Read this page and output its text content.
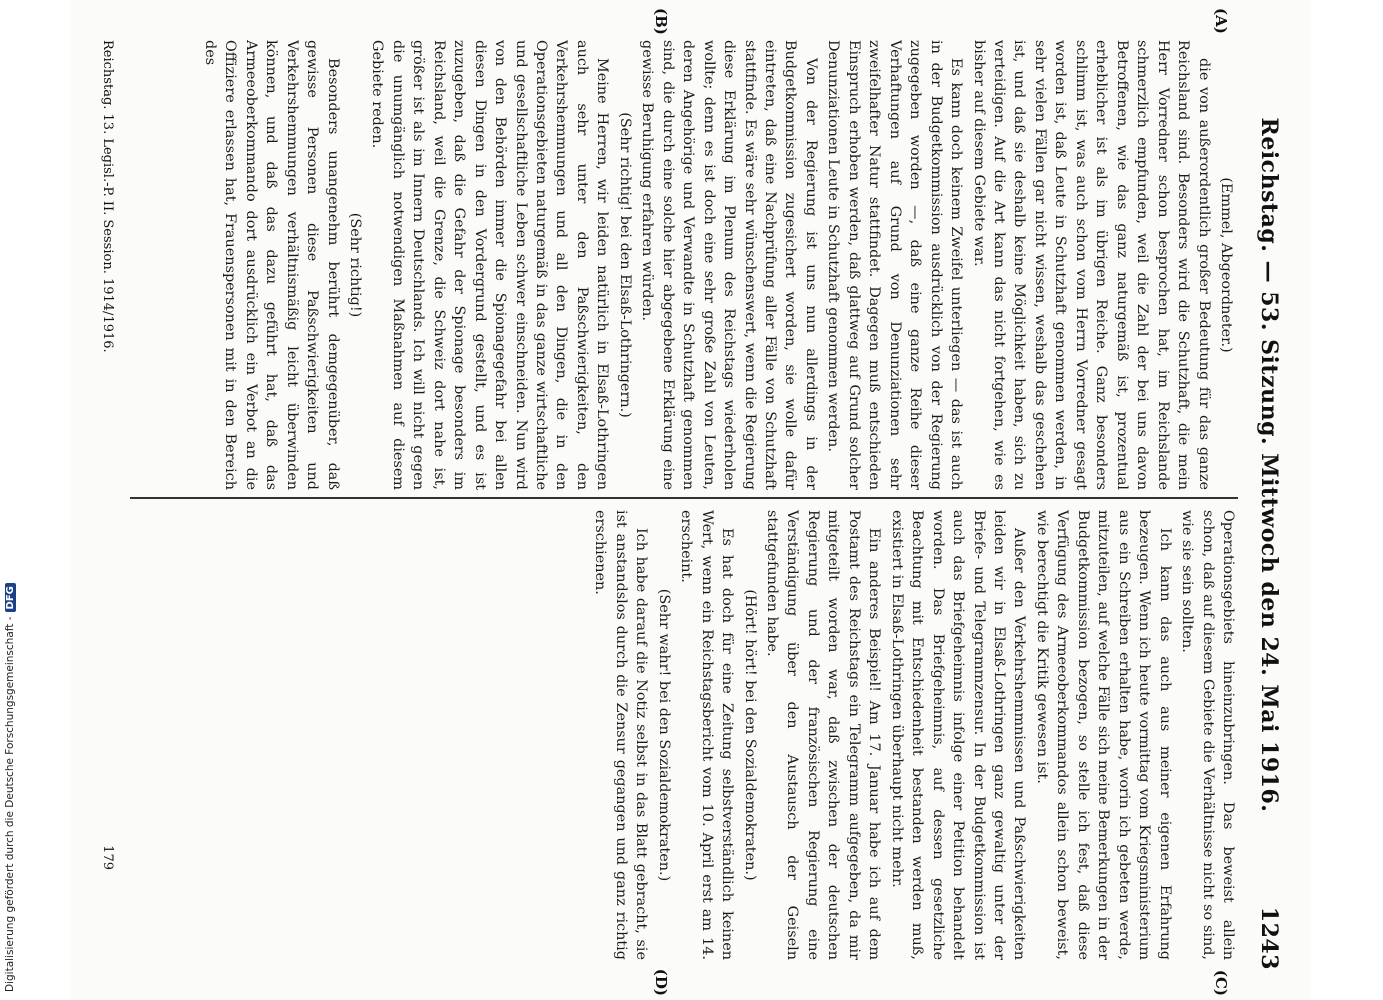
Digitalisierung gefördert durch die Deutsche Forschungsgemeinschaft -
DFG	Reichstag. — 53. Sitzung. Mittwoch den 24. Mai 1916.
1243
(A)
(B)
(C)
(D)

(Emmel, Abgeordneter.)

die von außerordentlich großer Bedeutung für das ganze Reichsland sind. Besonders wird die Schutzhaft, die mein Herr Vorredner schon besprochen hat, im Reichslande schmerzlich empfunden, weil die Zahl der bei uns davon Betroffenen, wie das ganz naturgemäß ist, prozentual erheblicher ist als im übrigen Reiche. Ganz besonders schlimm ist, was auch schon vom Herrn Vorredner gesagt worden ist, daß Leute in Schutzhaft genommen werden, in sehr vielen Fällen gar nicht wissen, weshalb das geschehen ist, und daß sie deshalb keine Möglichkeit haben, sich zu verteidigen. Auf die Art kann das nicht fortgehen, wie es bisher auf diesem Gebiete war.

Es kann doch keinem Zweifel unterliegen — das ist auch in der Budgetkommission ausdrücklich von der Regierung zugegeben worden —, daß eine ganze Reihe dieser Verhaftungen auf Grund von Denunziationen sehr zweifelhafter Natur stattfindet. Dagegen muß entschieden Einspruch erhoben werden, daß glattweg auf Grund solcher Denunziationen Leute in Schutzhaft genommen werden.

Von der Regierung ist uns nun allerdings in der Budgetkommission zugesichert worden, sie wolle dafür eintreten, daß eine Nachprüfung aller Fälle von Schutzhaft stattfinde. Es wäre sehr wünschenswert, wenn die Regierung diese Erklärung im Plenum des Reichstags wiederholen wollte; denn es ist doch eine sehr große Zahl von Leuten, deren Angehörige und Verwandte in Schutzhaft genommen sind, die durch eine solche hier abgegebene Erklärung eine gewisse Beruhigung erfahren würden.

(Sehr richtig! bei den Elsaß-Lothringern.)

Meine Herren, wir leiden natürlich in Elsaß-Lothringen auch sehr unter den Paßschwierigkeiten, den Verkehrshemmungen und all den Dingen, die in den Operationsgebieten naturgemäß in das ganze wirtschaftliche und gesellschaftliche Leben schwer einschneiden. Nun wird von den Behörden immer die Spionagegefahr bei allen diesen Dingen in den Vordergrund gestellt, und es ist zuzugeben, daß die Gefahr der Spionage besonders im Reichsland, weil die Grenze, die Schweiz dort nahe ist, größer ist als im Innern Deutschlands. Ich will nicht gegen die unumgänglich notwendigen Maßnahmen auf diesem Gebiete reden.

(Sehr richtig!)

Besonders unangenehm berührt demgegenüber, daß gewisse Personen diese Paßschwierigkeiten und Verkehrshemmungen verhältnismäßig leicht überwinden können, und daß das dazu geführt hat, daß das Armeeoberkommando dort ausdrücklich ein Verbot an die Offiziere erlassen hat, Frauenspersonen mit in den Bereich des

Operationsgebiets hineinzubringen. Das beweist allein schon, daß auf diesem Gebiete die Verhältnisse nicht so sind, wie sie sein sollten.

Ich kann das auch aus meiner eigenen Erfahrung bezeugen. Wenn ich heute vormittag vom Kriegsministerium aus ein Schreiben erhalten habe, worin ich gebeten werde, mitzuteilen, auf welche Fälle sich meine Bemerkungen in der Budgetkommission bezogen, so stelle ich fest, daß diese Verfügung des Armeeoberkommandos allein schon beweist, wie berechtigt die Kritik gewesen ist.

Außer den Verkehrshemmnissen und Paßschwierigkeiten leiden wir in Elsaß-Lothringen ganz gewaltig unter der Briefe- und Telegrammzensur. In der Budgetkommission ist auch das Briefgeheimnis infolge einer Petition behandelt worden. Das Briefgeheimnis, auf dessen gesetzliche Beachtung mit Entschiedenheit bestanden werden muß, existiert in Elsaß-Lothringen überhaupt nicht mehr.

Ein anderes Beispiel! Am 17. Januar habe ich auf dem Postamt des Reichstags ein Telegramm aufgegeben, da mir mitgeteilt worden war, daß zwischen der deutschen Regierung und der französischen Regierung eine Verständigung über den Austausch der Geiseln stattgefunden habe.

(Hört! hört! bei den Sozialdemokraten.)

Es hat doch für eine Zeitung selbstverständlich keinen Wert, wenn ein Reichstagsbericht vom 10. April erst am 14. erscheint.

(Sehr wahr! bei den Sozialdemokraten.)

Ich habe darauf die Notiz selbst in das Blatt gebracht, sie ist anstandslos durch die Zensur gegangen und ganz richtig erschienen.

Reichstag. 13. Legisl.-P. II. Session. 1914/1916.
179
